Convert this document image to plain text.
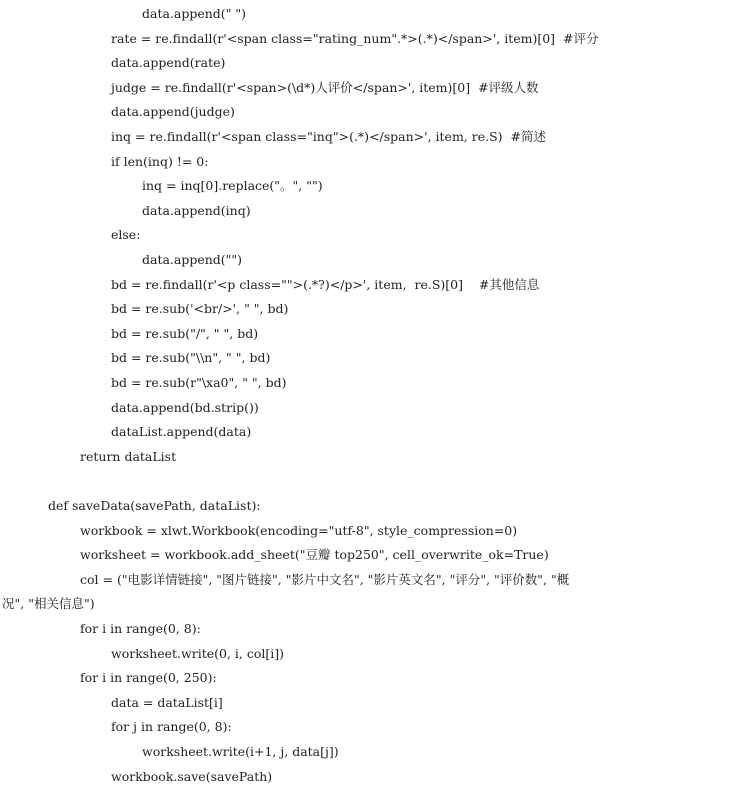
data.append(" ")
rate = re.findall(r'<span class="rating_num".*>(.*)</span>', item)[0]  #评分
data.append(rate)
judge = re.findall(r'<span>(\d*)人评价</span>', item)[0]  #评级人数
data.append(judge)
inq = re.findall(r'<span class="inq">(.*)</span>', item, re.S)  #简述
if len(inq) != 0:
inq = inq[0].replace("。", "")
data.append(inq)
else:
data.append("")
bd = re.findall(r'<p class="">(.*?)</p>', item,  re.S)[0]    #其他信息
bd = re.sub('<br/>', " ", bd)
bd = re.sub("/", " ", bd)
bd = re.sub("\\n", " ", bd)
bd = re.sub(r"\xa0", " ", bd)
data.append(bd.strip())
dataList.append(data)
return dataList
def saveData(savePath, dataList):
workbook = xlwt.Workbook(encoding="utf-8", style_compression=0)
worksheet = workbook.add_sheet("豆瓣 top250", cell_overwrite_ok=True)
col = ("电影详情链接", "图片链接", "影片中文名", "影片英文名", "评分", "评价数", "概
况", "相关信息")
for i in range(0, 8):
worksheet.write(0, i, col[i])
for i in range(0, 250):
data = dataList[i]
for j in range(0, 8):
worksheet.write(i+1, j, data[j])
workbook.save(savePath)
